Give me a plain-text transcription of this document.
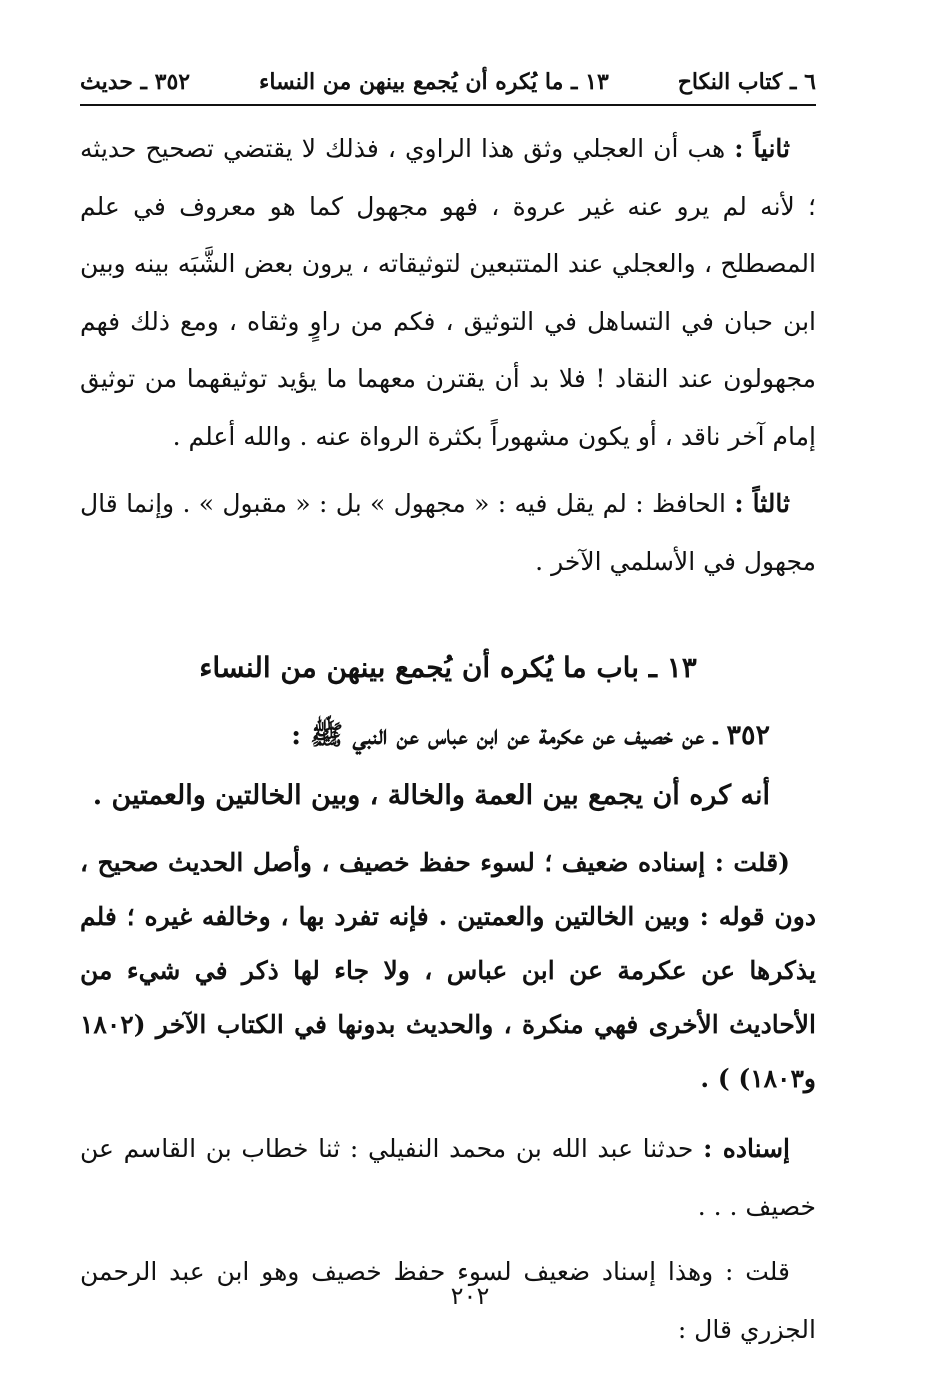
٦ ـ كتاب النكاح
١٣ ـ ما يُكره أن يُجمع بينهن من النساء
٣٥٢ ـ حديث

ثانياً : هب أن العجلي وثق هذا الراوي ، فذلك لا يقتضي تصحيح حديثه ؛ لأنه لم يرو عنه غير عروة ، فهو مجهول كما هو معروف في علم المصطلح ، والعجلي عند المتتبعين لتوثيقاته ، يرون بعض الشَّبَه بينه وبين ابن حبان في التساهل في التوثيق ، فكم من راوٍ وثقاه ، ومع ذلك فهم مجهولون عند النقاد ! فلا بد أن يقترن معهما ما يؤيد توثيقهما من توثيق إمام آخر ناقد ، أو يكون مشهوراً بكثرة الرواة عنه . والله أعلم .

ثالثاً : الحافظ : لم يقل فيه : « مجهول » بل : « مقبول » . وإنما قال مجهول في الأسلمي الآخر .

١٣ ـ باب ما يُكره أن يُجمع بينهن من النساء

٣٥٢ ـ عن خصيف عن عكرمة عن ابن عباس عن النبي ﷺ :

أنه كره أن يجمع بين العمة والخالة ، وبين الخالتين والعمتين .

(قلت : إسناده ضعيف ؛ لسوء حفظ خصيف ، وأصل الحديث صحيح ، دون قوله : وبين الخالتين والعمتين . فإنه تفرد بها ، وخالفه غيره ؛ فلم يذكرها عن عكرمة عن ابن عباس ، ولا جاء لها ذكر في شيء من الأحاديث الأخرى فهي منكرة ، والحديث بدونها في الكتاب الآخر (١٨٠٢ و١٨٠٣) ) .

إسناده : حدثنا عبد الله بن محمد النفيلي : ثنا خطاب بن القاسم عن خصيف . . .

قلت : وهذا إسناد ضعيف لسوء حفظ خصيف وهو ابن عبد الرحمن الجزري قال :

٢٠٢
